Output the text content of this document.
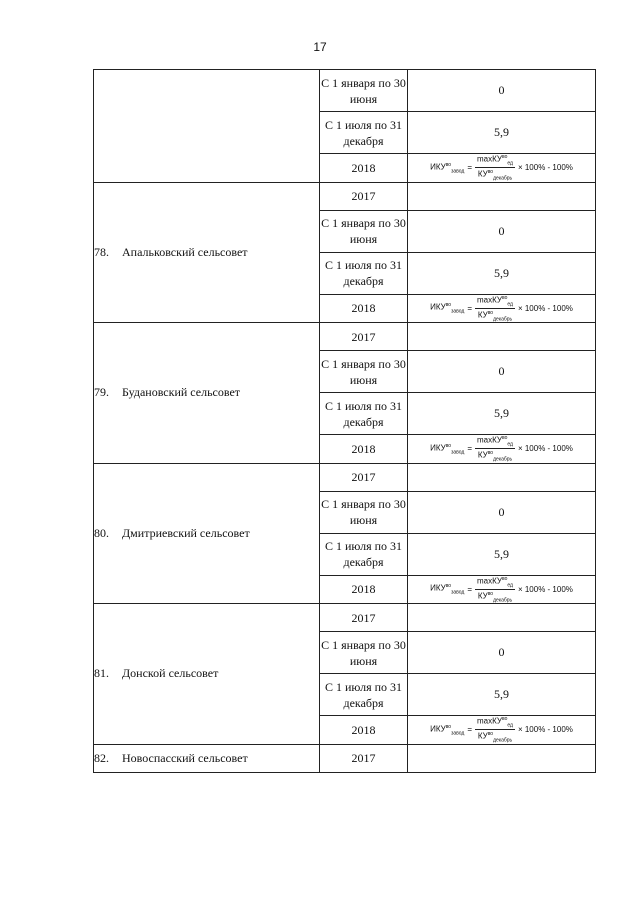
17
	С 1 января по 30 июня	0
	С 1 июля по 31 декабря	5,9
	2018	$ИКУ^{во}_{завод} = \frac{\max КУ^{во}_{ед}}{КУ^{во}_{декабрь}} \times 100\% - 100\%$

78. Апальковский сельсовет	2017	
	С 1 января по 30 июня	0
	С 1 июля по 31 декабря	5,9
	2018	$ИКУ^{во}_{завод} = \frac{\max КУ^{во}_{ед}}{КУ^{во}_{декабрь}} \times 100\% - 100\%$

79. Будановский сельсовет	2017	
	С 1 января по 30 июня	0
	С 1 июля по 31 декабря	5,9
	2018	$ИКУ^{во}_{завод} = \frac{\max КУ^{во}_{ед}}{КУ^{во}_{декабрь}} \times 100\% - 100\%$

80. Дмитриевский сельсовет	2017	
	С 1 января по 30 июня	0
	С 1 июля по 31 декабря	5,9
	2018	$ИКУ^{во}_{завод} = \frac{\max КУ^{во}_{ед}}{КУ^{во}_{декабрь}} \times 100\% - 100\%$

81. Донской сельсовет	2017	
	С 1 января по 30 июня	0
	С 1 июля по 31 декабря	5,9
	2018	$ИКУ^{во}_{завод} = \frac{\max КУ^{во}_{ед}}{КУ^{во}_{декабрь}} \times 100\% - 100\%$

82. Новоспасский сельсовет	2017	
